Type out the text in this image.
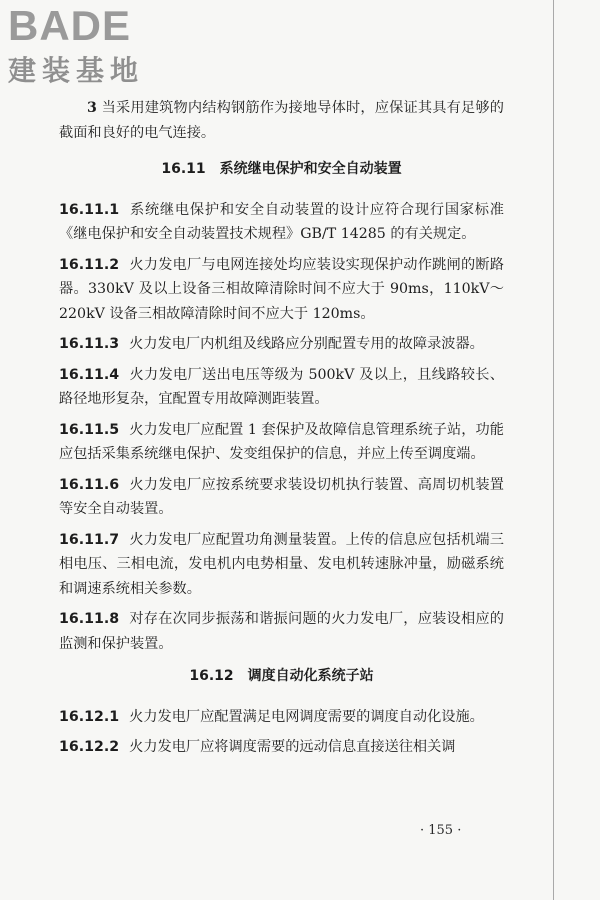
BADE
建装基地

3 当采用建筑物内结构钢筋作为接地导体时，应保证其具有足够的截面和良好的电气连接。

16.11　系统继电保护和安全自动装置

16.11.1 系统继电保护和安全自动装置的设计应符合现行国家标准《继电保护和安全自动装置技术规程》GB/T 14285 的有关规定。

16.11.2 火力发电厂与电网连接处均应装设实现保护动作跳闸的断路器。330kV 及以上设备三相故障清除时间不应大于 90ms，110kV～220kV 设备三相故障清除时间不应大于 120ms。

16.11.3 火力发电厂内机组及线路应分别配置专用的故障录波器。

16.11.4 火力发电厂送出电压等级为 500kV 及以上，且线路较长、路径地形复杂，宜配置专用故障测距装置。

16.11.5 火力发电厂应配置 1 套保护及故障信息管理系统子站，功能应包括采集系统继电保护、发变组保护的信息，并应上传至调度端。

16.11.6 火力发电厂应按系统要求装设切机执行装置、高周切机装置等安全自动装置。

16.11.7 火力发电厂应配置功角测量装置。上传的信息应包括机端三相电压、三相电流，发电机内电势相量、发电机转速脉冲量，励磁系统和调速系统相关参数。

16.11.8 对存在次同步振荡和谐振问题的火力发电厂，应装设相应的监测和保护装置。

16.12　调度自动化系统子站

16.12.1 火力发电厂应配置满足电网调度需要的调度自动化设施。

16.12.2 火力发电厂应将调度需要的远动信息直接送往相关调

· 155 ·
